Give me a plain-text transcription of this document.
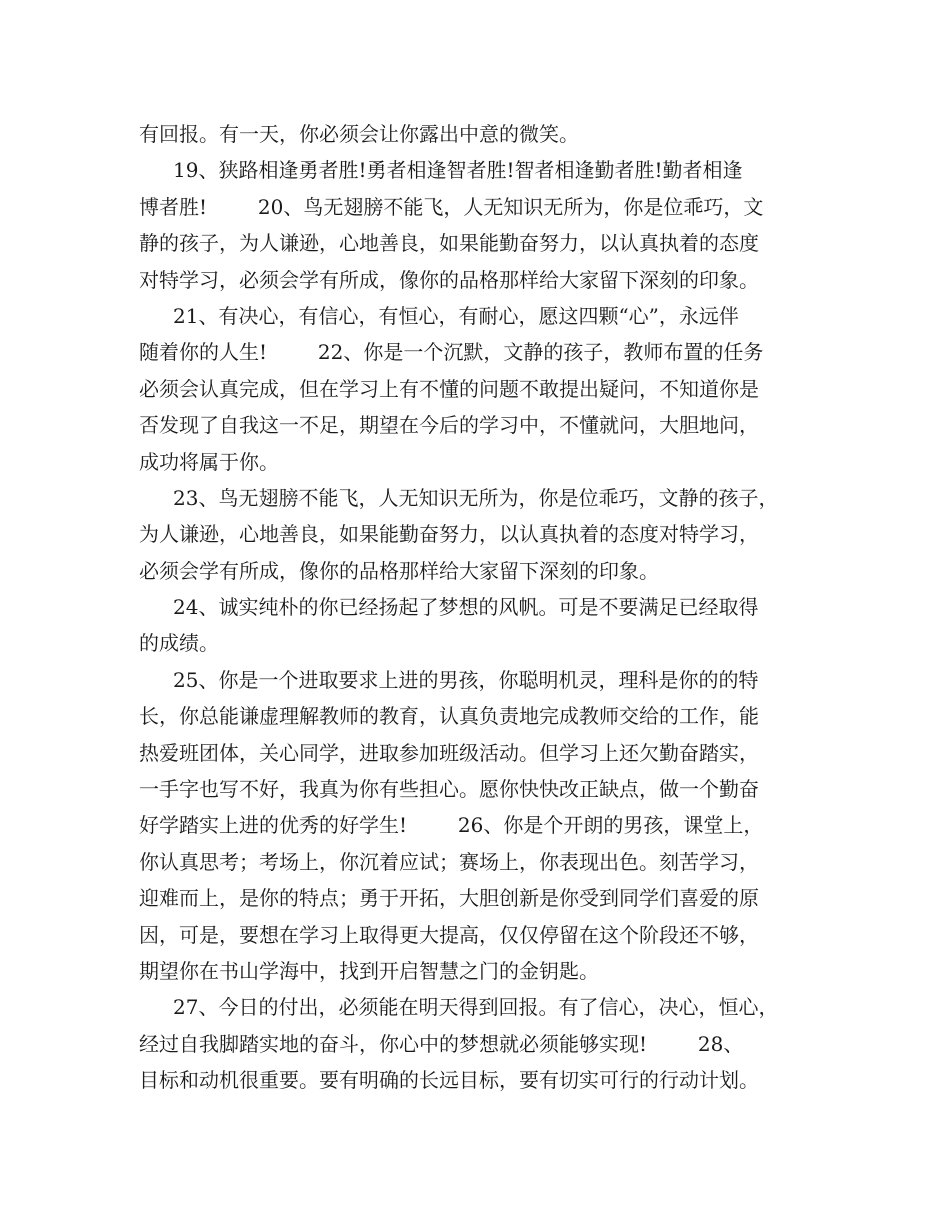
有回报。有一天，你必须会让你露出中意的微笑。
19、狭路相逢勇者胜!勇者相逢智者胜!智者相逢勤者胜!勤者相逢
博者胜!        20、鸟无翅膀不能飞，人无知识无所为，你是位乖巧，文
静的孩子，为人谦逊，心地善良，如果能勤奋努力，以认真执着的态度
对特学习，必须会学有所成，像你的品格那样给大家留下深刻的印象。
21、有决心，有信心，有恒心，有耐心，愿这四颗“心”，永远伴
随着你的人生!        22、你是一个沉默，文静的孩子，教师布置的任务
必须会认真完成，但在学习上有不懂的问题不敢提出疑问，不知道你是
否发现了自我这一不足，期望在今后的学习中，不懂就问，大胆地问，
成功将属于你。
23、鸟无翅膀不能飞，人无知识无所为，你是位乖巧，文静的孩子，
为人谦逊，心地善良，如果能勤奋努力，以认真执着的态度对特学习，
必须会学有所成，像你的品格那样给大家留下深刻的印象。
24、诚实纯朴的你已经扬起了梦想的风帆。可是不要满足已经取得
的成绩。
25、你是一个进取要求上进的男孩，你聪明机灵，理科是你的的特
长，你总能谦虚理解教师的教育，认真负责地完成教师交给的工作，能
热爱班团体，关心同学，进取参加班级活动。但学习上还欠勤奋踏实，
一手字也写不好，我真为你有些担心。愿你快快改正缺点，做一个勤奋
好学踏实上进的优秀的好学生!        26、你是个开朗的男孩，课堂上，
你认真思考；考场上，你沉着应试；赛场上，你表现出色。刻苦学习，
迎难而上，是你的特点；勇于开拓，大胆创新是你受到同学们喜爱的原
因，可是，要想在学习上取得更大提高，仅仅停留在这个阶段还不够，
期望你在书山学海中，找到开启智慧之门的金钥匙。
27、今日的付出，必须能在明天得到回报。有了信心，决心，恒心，
经过自我脚踏实地的奋斗，你心中的梦想就必须能够实现!        28、
目标和动机很重要。要有明确的长远目标，要有切实可行的行动计划。
